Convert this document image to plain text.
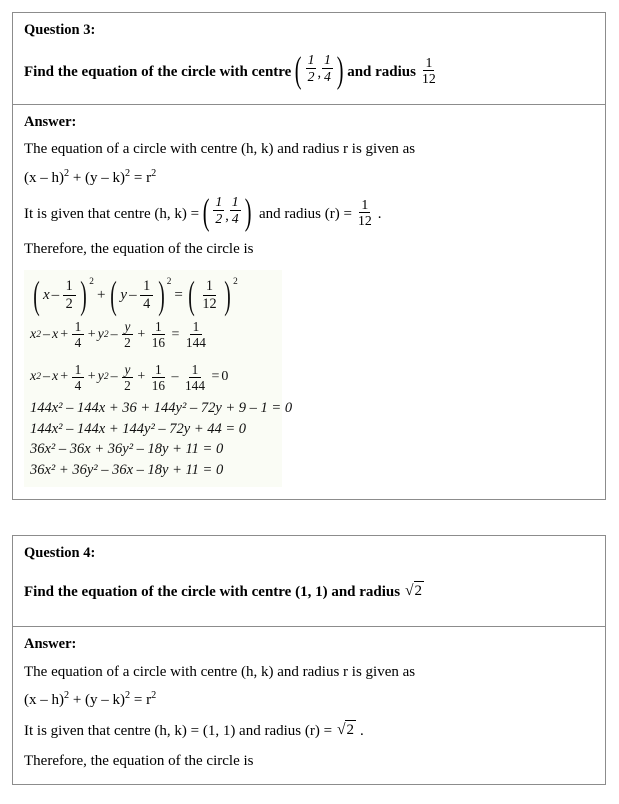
Question 3:
Find the equation of the circle with centre ( $\frac{1}{2}$ , $\frac{1}{4}$ ) and radius $\frac{1}{12}$
Answer:

The equation of a circle with centre (h, k) and radius r is given as

$(x - h)^2 + (y - k)^2 = r^2$

It is given that centre (h, k) = ( $\frac{1}{2}$ , $\frac{1}{4}$ ) and radius $(r) = \frac{1}{12}$ .

Therefore, the equation of the circle is

( x – $\frac{1}{2}$ ) 2
+ ( y – $\frac{1}{4}$ ) 2
= ( $\frac{1}{12}$ ) 2
x $2 - x + \frac{1}{4} + y$ $2 - \frac{y}{2} + \frac{1}{16} = \frac{1}{144}$
x $2 - x + \frac{1}{4} + y$ $2 - \frac{y}{2} + \frac{1}{16} - \frac{1}{144} = 0$
144x² – 144x + 36 + 144y² – 72y + 9 – 1 = 0
144x² – 144x + 144y² – 72y + 44 = 0
36x² – 36x + 36y² – 18y + 11 = 0
36x² + 36y² – 36x – 18y + 11 = 0
Question 4:
Find the equation of the circle with centre (1, 1) and radius √ 2
Answer:

The equation of a circle with centre (h, k) and radius r is given as

$(x - h)^2 + (y - k)^2 = r^2$

It is given that centre (h, k) = (1, 1) and radius (r) = √ 2 .

Therefore, the equation of the circle is
